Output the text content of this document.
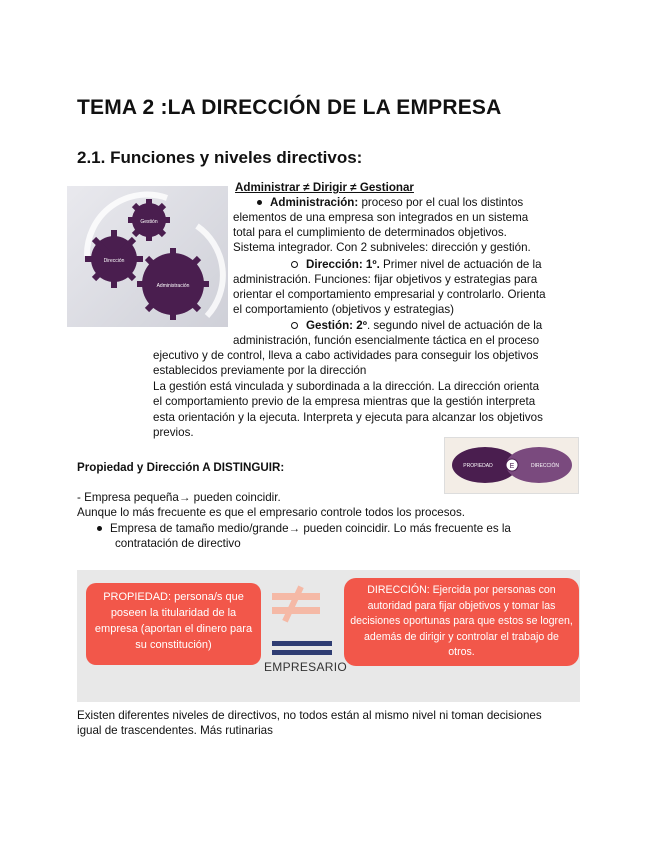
TEMA 2 :LA DIRECCIÓN DE LA EMPRESA
2.1. Funciones y niveles directivos:
Gestión
Dirección
Administración
Administrar ≠ Dirigir ≠ Gestionar
Administración: proceso por el cual los distintos
elementos de una empresa son integrados en un sistema
total para el cumplimiento de determinados objetivos.
Sistema integrador. Con 2 subniveles: dirección y gestión.
Dirección: 1º. Primer nivel de actuación de la
administración. Funciones: fijar objetivos y estrategias para
orientar el comportamiento empresarial y controlarlo. Orienta
el comportamiento (objetivos y estrategias)
Gestión: 2º. segundo nivel de actuación de la
administración, función esencialmente táctica en el proceso
ejecutivo y de control, lleva a cabo actividades para conseguir los objetivos
establecidos previamente por la dirección
La gestión está vinculada y subordinada a la dirección. La dirección orienta
el comportamiento previo de la empresa mientras que la gestión interpreta
esta orientación y la ejecuta. Interpreta y ejecuta para alcanzar los objetivos
previos.
PROPIEDAD E	DIRECCIÓN
Propiedad y Dirección A DISTINGUIR:
- Empresa pequeña→ pueden coincidir.
Aunque lo más frecuente es que el empresario controle todos los procesos.
Empresa de tamaño medio/grande→ pueden coincidir. Lo más frecuente es la
contratación de directivo
PROPIEDAD: persona/s que poseen la titularidad de la empresa (aportan el dinero para su constitución)
EMPRESARIO
DIRECCIÓN: Ejercida por personas con autoridad para fijar objetivos y tomar las decisiones oportunas para que estos se logren, además de dirigir y controlar el trabajo de otros.
Existen diferentes niveles de directivos, no todos están al mismo nivel ni toman decisiones
igual de trascendentes. Más rutinarias
